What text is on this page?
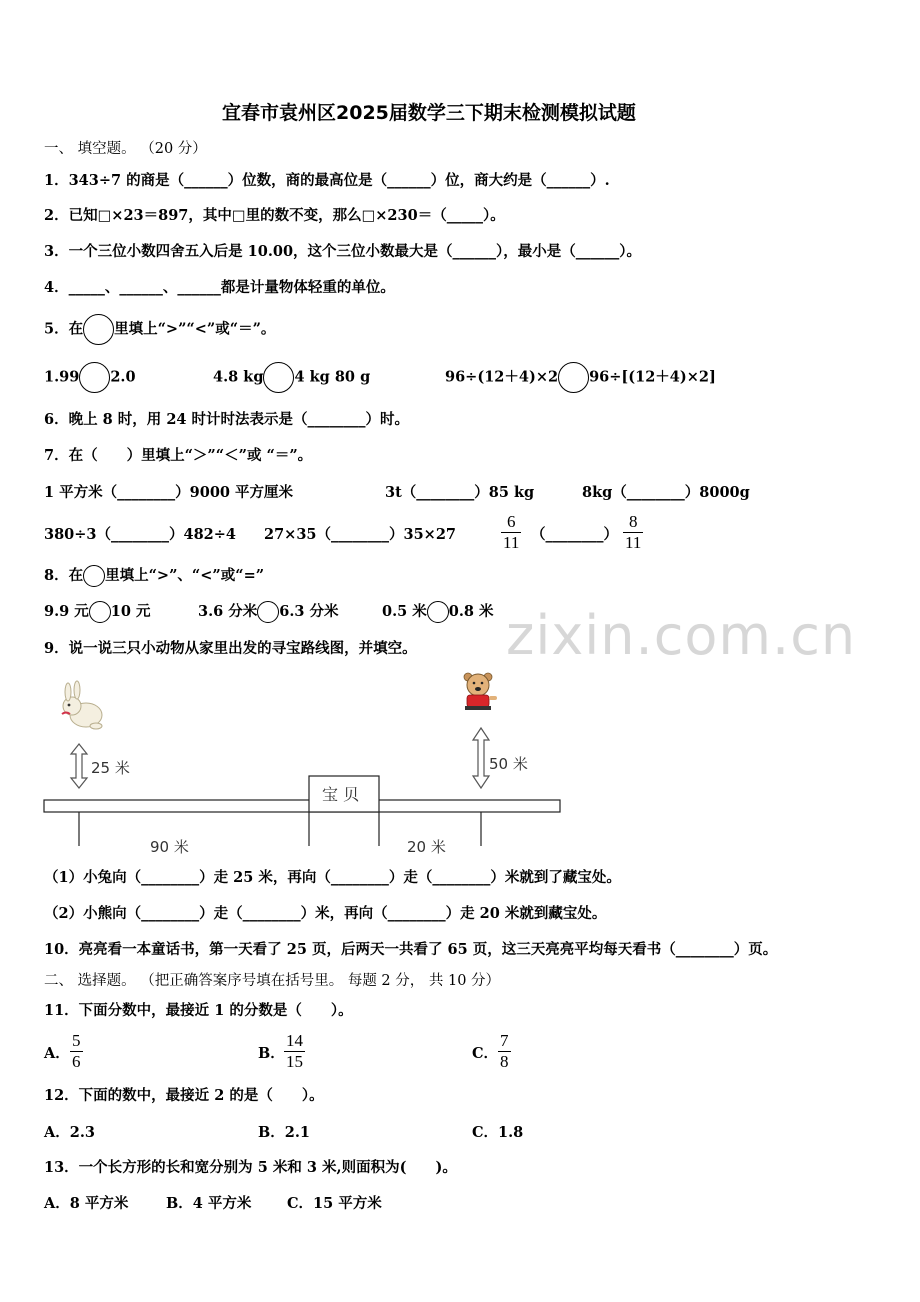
zixin.com.cn
宜春市袁州区2025届数学三下期末检测模拟试题
一、 填空题。 （20 分）
1．343÷7 的商是（______）位数，商的最高位是（______）位，商大约是（______）.
2．已知□×23＝897，其中□里的数不变，那么□×230＝（_____）。
3．一个三位小数四舍五入后是 10.00，这个三位小数最大是（______），最小是（______）。
4．_____、______、______都是计量物体轻重的单位。
5．在 里填上“>”“<”或“＝”。
1.99 2.0	4.8 kg 4 kg 80 g	96÷(12＋4)×2 96÷[(12＋4)×2]
6．晚上 8 时，用 24 时计时法表示是（________）时。
7．在（　　）里填上“＞”“＜”或 “＝”。
1 平方米（________）9000 平方厘米	3t（________）85 kg	8kg（________）8000g
380÷3（________）482÷4 27×35（________）35×27	$\frac{6}{11}$ （________） $\frac{8}{11}$
8．在 里填上“>”、“<”或“=”
9.9 元 10 元	3.6 分米 6.3 分米	0.5 米 0.8 米
9．说一说三只小动物从家里出发的寻宝路线图，并填空。
25 米	50 米
宝 贝
90 米	20 米
（1）小兔向（________）走 25 米，再向（________）走（________）米就到了藏宝处。
（2）小熊向（________）走（________）米，再向（________）走 20 米就到藏宝处。
10．亮亮看一本童话书，第一天看了 25 页，后两天一共看了 65 页，这三天亮亮平均每天看书（________）页。
二、 选择题。 （把正确答案序号填在括号里。 每题 2 分， 共 10 分）
11．下面分数中，最接近 1 的分数是（　　）。
A． $\frac{5}{6}$	B． $\frac{14}{15}$	C． $\frac{7}{8}$
12．下面的数中，最接近 2 的是（　　）。
A．2.3	B．2.1	C．1.8
13．一个长方形的长和宽分别为 5 米和 3 米,则面积为(　　)。
A．8 平方米	B．4 平方米 C．15 平方米
